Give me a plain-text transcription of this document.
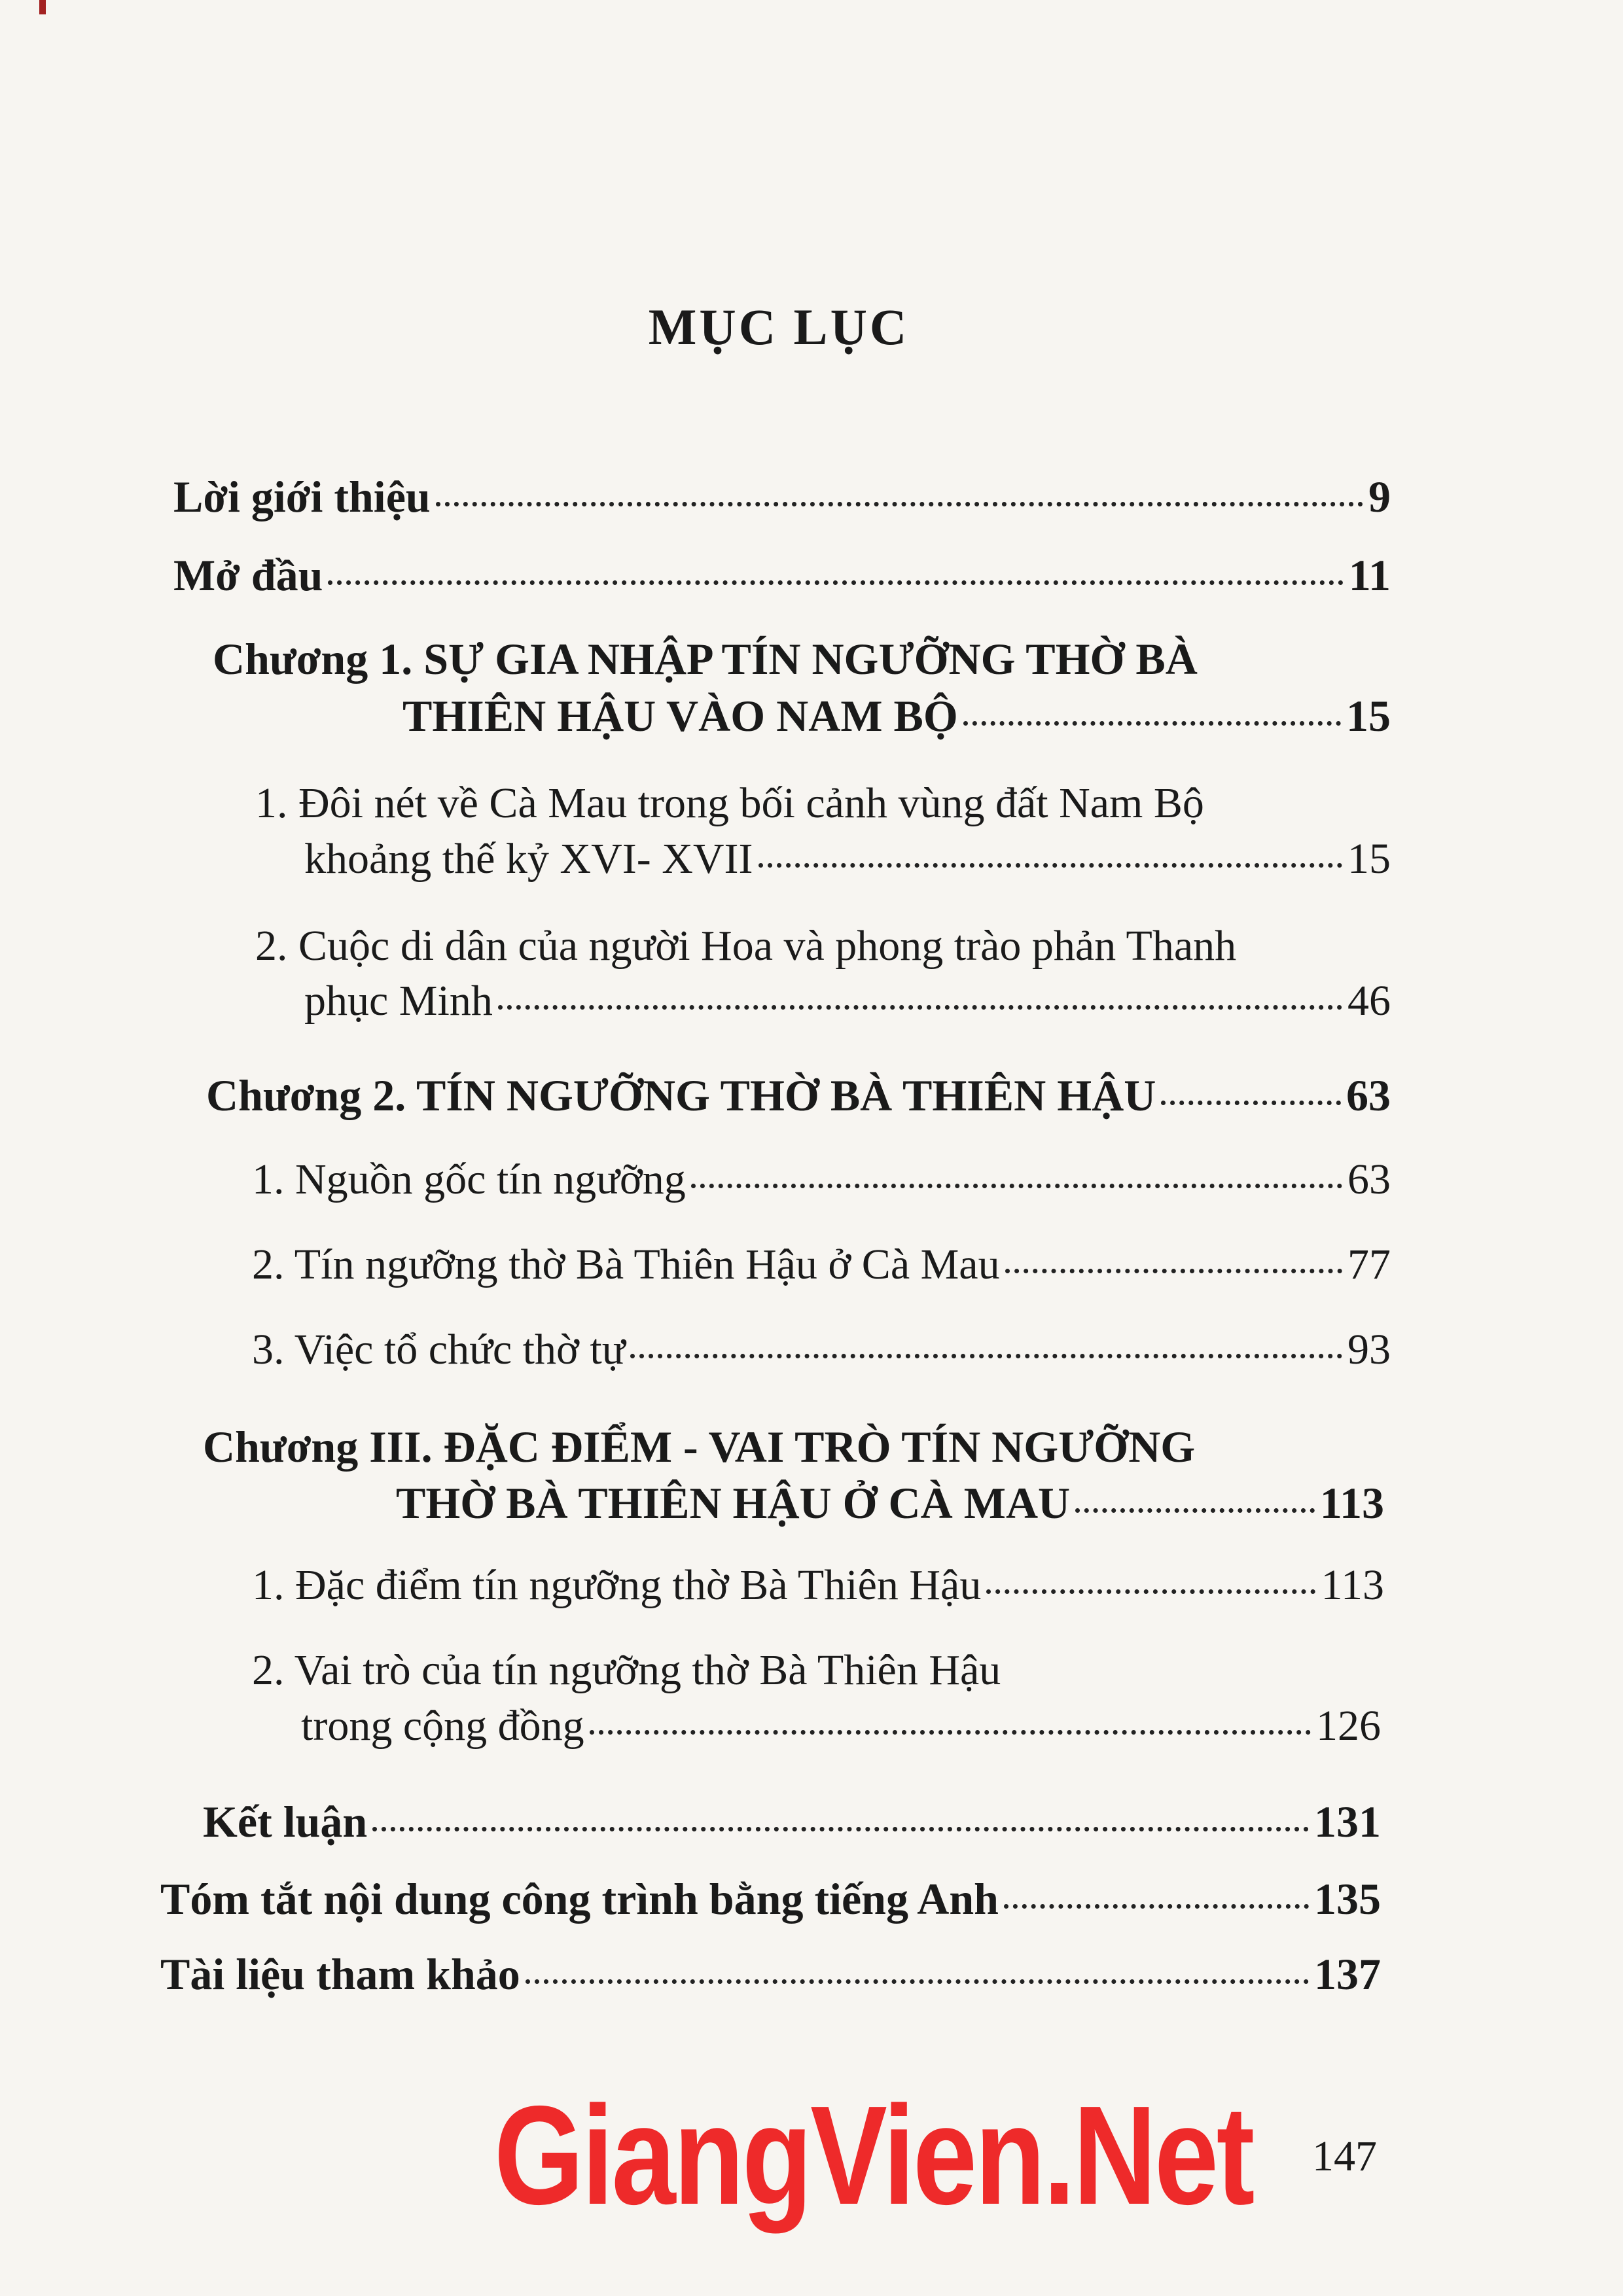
MỤC LỤC
Lời giới thiệu	9
Mở đầu	11
Chương 1. SỰ GIA NHẬP TÍN NGƯỠNG THỜ BÀ
THIÊN HẬU VÀO NAM BỘ	15
1. Đôi nét về Cà Mau trong bối cảnh vùng đất Nam Bộ
khoảng thế kỷ XVI- XVII	15
2. Cuộc di dân của người Hoa và phong trào phản Thanh
phục Minh	46
Chương 2. TÍN NGƯỠNG THỜ BÀ THIÊN HẬU	63
1. Nguồn gốc tín ngưỡng	63
2. Tín ngưỡng thờ Bà Thiên Hậu ở Cà Mau	77
3. Việc tổ chức thờ tự	93
Chương III. ĐẶC ĐIỂM - VAI TRÒ TÍN NGƯỠNG
THỜ BÀ THIÊN HẬU Ở CÀ MAU	113
1. Đặc điểm tín ngưỡng thờ Bà Thiên Hậu	113
2. Vai trò của tín ngưỡng thờ Bà Thiên Hậu
trong cộng đồng	126
Kết luận	131
Tóm tắt nội dung công trình bằng tiếng Anh	135
Tài liệu tham khảo	137
GiangVien.Net 147
